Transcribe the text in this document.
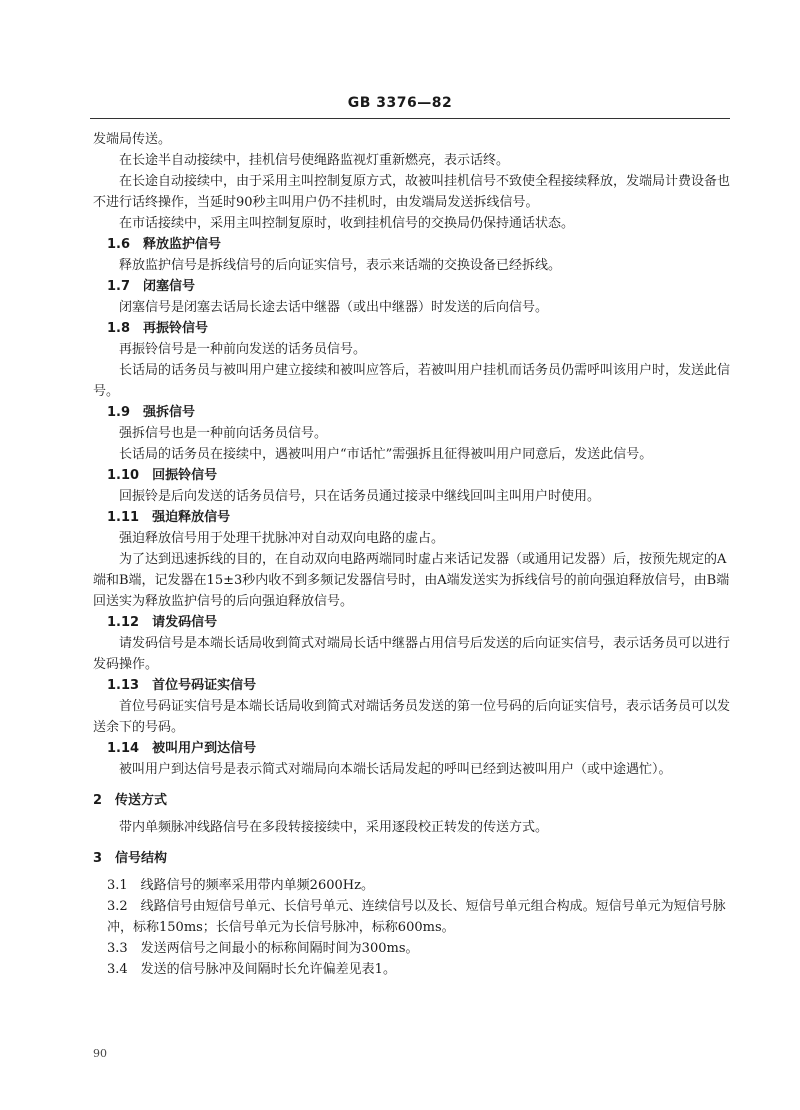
GB 3376—82

发端局传送。

在长途半自动接续中，挂机信号使绳路监视灯重新燃亮，表示话终。

在长途自动接续中，由于采用主叫控制复原方式，故被叫挂机信号不致使全程接续释放，发端局计费设备也不进行话终操作，当延时90秒主叫用户仍不挂机时，由发端局发送拆线信号。

在市话接续中，采用主叫控制复原时，收到挂机信号的交换局仍保持通话状态。

1.6　释放监护信号

释放监护信号是拆线信号的后向证实信号，表示来话端的交换设备已经拆线。

1.7　闭塞信号

闭塞信号是闭塞去话局长途去话中继器（或出中继器）时发送的后向信号。

1.8　再振铃信号

再振铃信号是一种前向发送的话务员信号。

长话局的话务员与被叫用户建立接续和被叫应答后，若被叫用户挂机而话务员仍需呼叫该用户时，发送此信号。

1.9　强拆信号

强拆信号也是一种前向话务员信号。

长话局的话务员在接续中，遇被叫用户“市话忙”需强拆且征得被叫用户同意后，发送此信号。

1.10　回振铃信号

回振铃是后向发送的话务员信号，只在话务员通过接录中继线回叫主叫用户时使用。

1.11　强迫释放信号

强迫释放信号用于处理干扰脉冲对自动双向电路的虚占。

为了达到迅速拆线的目的，在自动双向电路两端同时虚占来话记发器（或通用记发器）后，按预先规定的A端和B端，记发器在15±3秒内收不到多频记发器信号时，由A端发送实为拆线信号的前向强迫释放信号，由B端回送实为释放监护信号的后向强迫释放信号。

1.12　请发码信号

请发码信号是本端长话局收到简式对端局长话中继器占用信号后发送的后向证实信号，表示话务员可以进行发码操作。

1.13　首位号码证实信号

首位号码证实信号是本端长话局收到简式对端话务员发送的第一位号码的后向证实信号，表示话务员可以发送余下的号码。

1.14　被叫用户到达信号

被叫用户到达信号是表示简式对端局向本端长话局发起的呼叫已经到达被叫用户（或中途遇忙）。

2　传送方式

带内单频脉冲线路信号在多段转接接续中，采用逐段校正转发的传送方式。

3　信号结构

3.1　线路信号的频率采用带内单频2600Hz。

3.2　线路信号由短信号单元、长信号单元、连续信号以及长、短信号单元组合构成。短信号单元为短信号脉冲，标称150ms；长信号单元为长信号脉冲，标称600ms。

3.3　发送两信号之间最小的标称间隔时间为300ms。

3.4　发送的信号脉冲及间隔时长允许偏差见表1。

90
